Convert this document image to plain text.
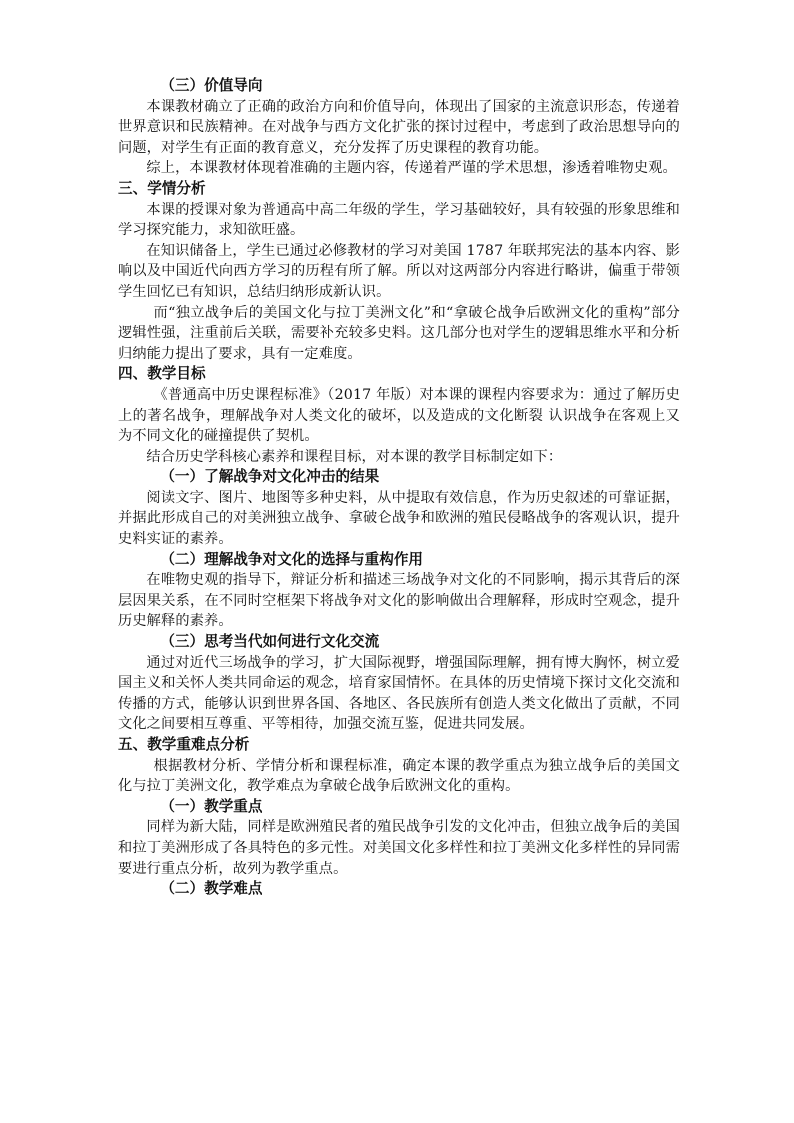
（三）价值导向

本课教材确立了正确的政治方向和价值导向，体现出了国家的主流意识形态，传递着世界意识和民族精神。在对战争与西方文化扩张的探讨过程中，考虑到了政治思想导向的问题，对学生有正面的教育意义，充分发挥了历史课程的教育功能。

综上，本课教材体现着准确的主题内容，传递着严谨的学术思想，渗透着唯物史观。

三、学情分析

本课的授课对象为普通高中高二年级的学生，学习基础较好，具有较强的形象思维和学习探究能力，求知欲旺盛。

在知识储备上，学生已通过必修教材的学习对美国 1787 年联邦宪法的基本内容、影响以及中国近代向西方学习的历程有所了解。所以对这两部分内容进行略讲，偏重于带领学生回忆已有知识，总结归纳形成新认识。

而“独立战争后的美国文化与拉丁美洲文化”和“拿破仑战争后欧洲文化的重构”部分逻辑性强，注重前后关联，需要补充较多史料。这几部分也对学生的逻辑思维水平和分析归纳能力提出了要求，具有一定难度。

四、教学目标

《普通高中历史课程标准》（2017 年版）对本课的课程内容要求为：通过了解历史上的著名战争，理解战争对人类文化的破坏，以及造成的文化断裂 认识战争在客观上又为不同文化的碰撞提供了契机。

结合历史学科核心素养和课程目标，对本课的教学目标制定如下：

（一）了解战争对文化冲击的结果

阅读文字、图片、地图等多种史料，从中提取有效信息，作为历史叙述的可靠证据，并据此形成自己的对美洲独立战争、拿破仑战争和欧洲的殖民侵略战争的客观认识，提升史料实证的素养。

（二）理解战争对文化的选择与重构作用

在唯物史观的指导下，辩证分析和描述三场战争对文化的不同影响，揭示其背后的深层因果关系，在不同时空框架下将战争对文化的影响做出合理解释，形成时空观念，提升历史解释的素养。

（三）思考当代如何进行文化交流

通过对近代三场战争的学习，扩大国际视野，增强国际理解，拥有博大胸怀，树立爱国主义和关怀人类共同命运的观念，培育家国情怀。在具体的历史情境下探讨文化交流和传播的方式，能够认识到世界各国、各地区、各民族所有创造人类文化做出了贡献，不同文化之间要相互尊重、平等相待，加强交流互鉴，促进共同发展。

五、教学重难点分析

根据教材分析、学情分析和课程标准，确定本课的教学重点为独立战争后的美国文化与拉丁美洲文化，教学难点为拿破仑战争后欧洲文化的重构。

（一）教学重点

同样为新大陆，同样是欧洲殖民者的殖民战争引发的文化冲击，但独立战争后的美国和拉丁美洲形成了各具特色的多元性。对美国文化多样性和拉丁美洲文化多样性的异同需要进行重点分析，故列为教学重点。

（二）教学难点
